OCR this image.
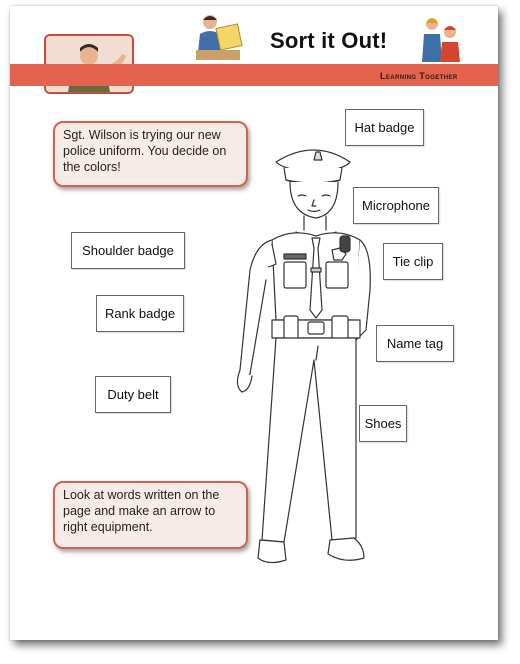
Sort it Out!
Learning Together
Sgt. Wilson is trying our new police uniform. You decide on the colors!
Look at words written on the page and make an arrow to right equipment.
Hat badge
Microphone
Tie clip
Name tag
Shoes
Shoulder badge
Rank badge
Duty belt
